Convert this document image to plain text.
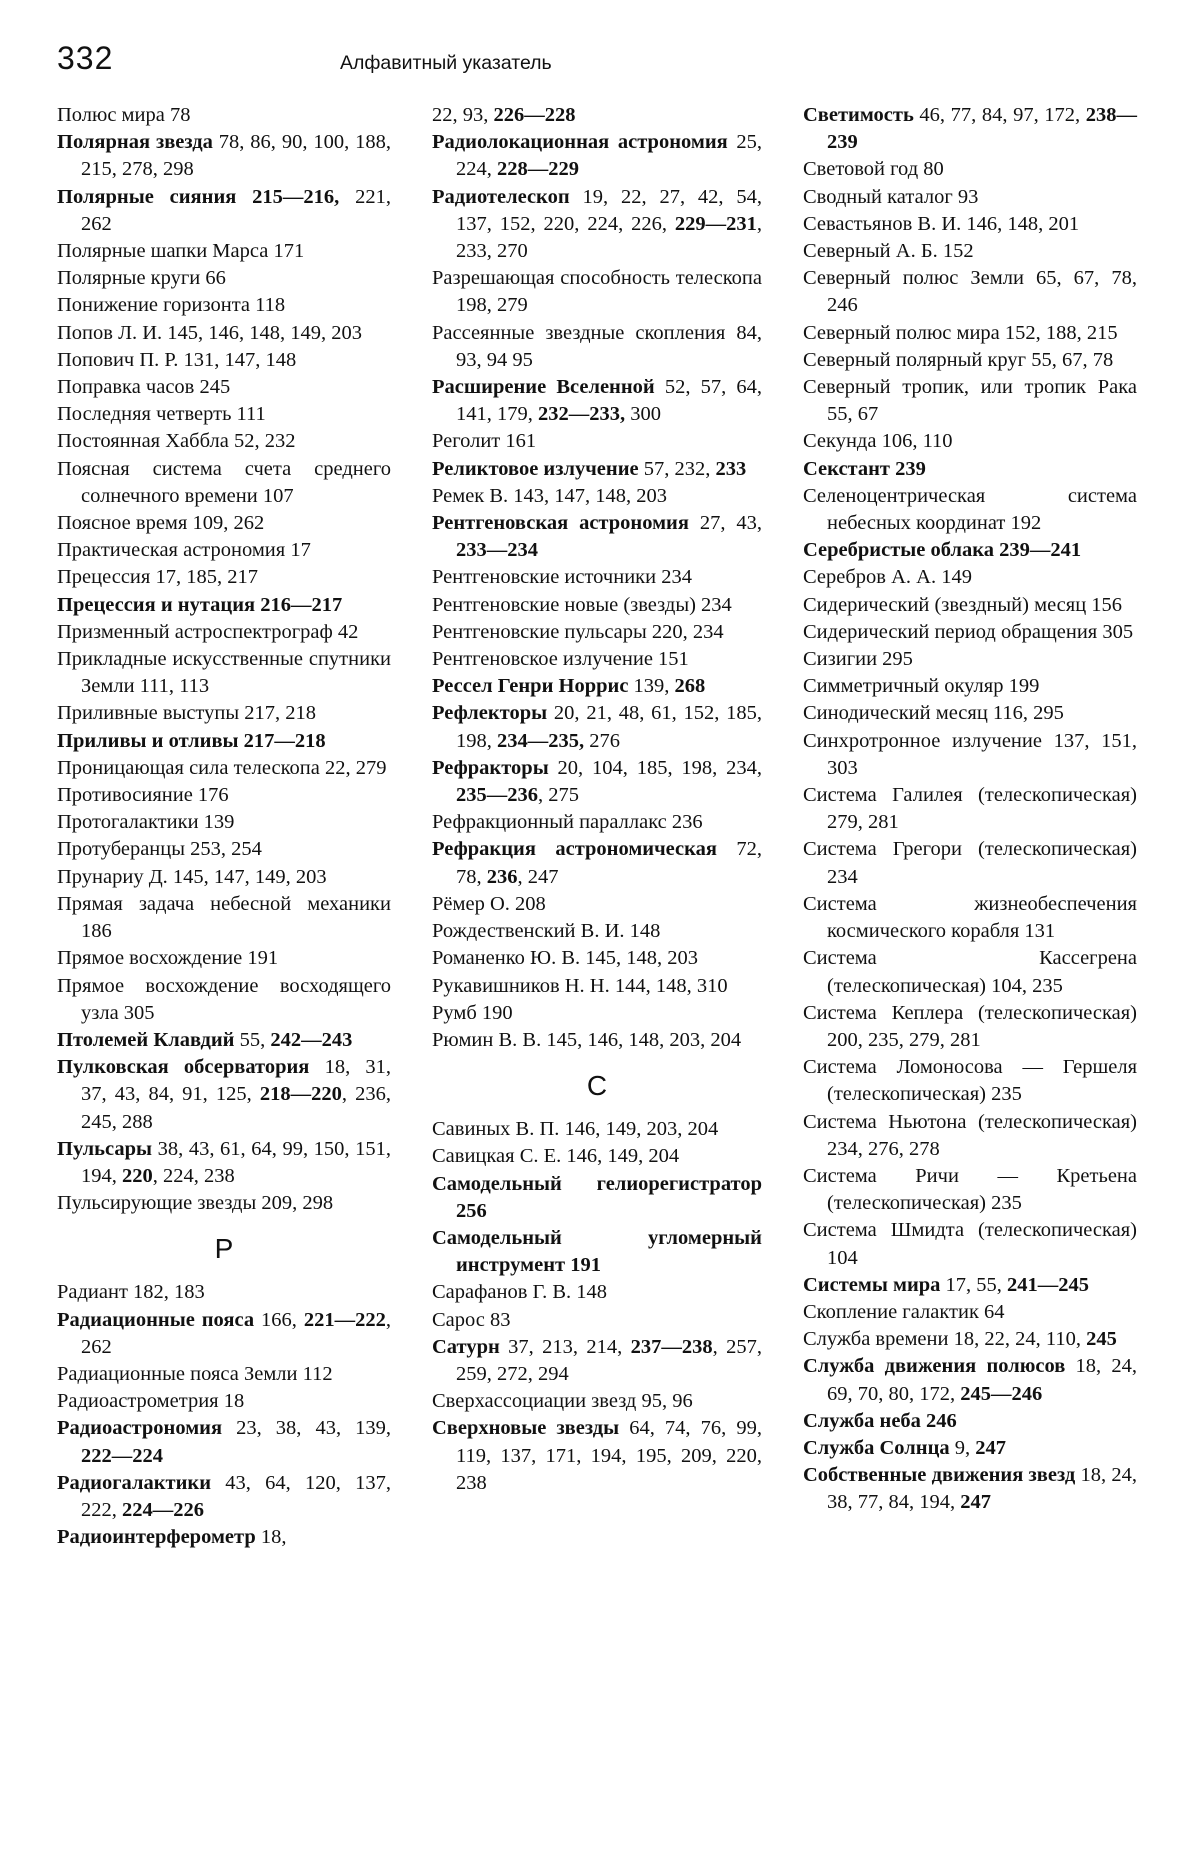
332	Алфавитный указатель
Полюс мира 78
Полярная звезда 78, 86, 90, 100, 188, 215, 278, 298
Полярные сияния 215—216, 221, 262
Полярные шапки Марса 171
Полярные круги 66
Понижение горизонта 118
Попов Л. И. 145, 146, 148, 149, 203
Попович П. Р. 131, 147, 148
Поправка часов 245
Последняя четверть 111
Постоянная Хаббла 52, 232
Поясная система счета среднего солнечного времени 107
Поясное время 109, 262
Практическая астрономия 17
Прецессия 17, 185, 217
Прецессия и нутация 216—217
Призменный астроспектрограф 42
Прикладные искусственные спутники Земли 111, 113
Приливные выступы 217, 218
Приливы и отливы 217—218
Проницающая сила телескопа 22, 279
Противосияние 176
Протогалактики 139
Протуберанцы 253, 254
Прунариу Д. 145, 147, 149, 203
Прямая задача небесной механики 186
Прямое восхождение 191
Прямое восхождение восходящего узла 305
Птолемей Клавдий 55, 242—243
Пулковская обсерватория 18, 31, 37, 43, 84, 91, 125, 218—220, 236, 245, 288
Пульсары 38, 43, 61, 64, 99, 150, 151, 194, 220, 224, 238
Пульсирующие звезды 209, 298
Р
Радиант 182, 183
Радиационные пояса 166, 221—222, 262
Радиационные пояса Земли 112
Радиоастрометрия 18
Радиоастрономия 23, 38, 43, 139, 222—224
Радиогалактики 43, 64, 120, 137, 222, 224—226
Радиоинтерферометр 18,
22, 93, 226—228
Радиолокационная астрономия 25, 224, 228—229
Радиотелескоп 19, 22, 27, 42, 54, 137, 152, 220, 224, 226, 229—231, 233, 270
Разрешающая способность телескопа 198, 279
Рассеянные звездные скопления 84, 93, 94 95
Расширение Вселенной 52, 57, 64, 141, 179, 232—233, 300
Реголит 161
Реликтовое излучение 57, 232, 233
Ремек В. 143, 147, 148, 203
Рентгеновская астрономия 27, 43, 233—234
Рентгеновские источники 234
Рентгеновские новые (звезды) 234
Рентгеновские пульсары 220, 234
Рентгеновское излучение 151
Рессел Генри Норрис 139, 268
Рефлекторы 20, 21, 48, 61, 152, 185, 198, 234—235, 276
Рефракторы 20, 104, 185, 198, 234, 235—236, 275
Рефракционный параллакс 236
Рефракция астрономическая 72, 78, 236, 247
Рёмер О. 208
Рождественский В. И. 148
Романенко Ю. В. 145, 148, 203
Рукавишников Н. Н. 144, 148, 310
Румб 190
Рюмин В. В. 145, 146, 148, 203, 204
С
Савиных В. П. 146, 149, 203, 204
Савицкая С. Е. 146, 149, 204
Самодельный гелиорегистратор 256
Самодельный угломерный инструмент 191
Сарафанов Г. В. 148
Сарос 83
Сатурн 37, 213, 214, 237—238, 257, 259, 272, 294
Сверхассоциации звезд 95, 96
Сверхновые звезды 64, 74, 76, 99, 119, 137, 171, 194, 195, 209, 220, 238
Светимость 46, 77, 84, 97, 172, 238—239
Световой год 80
Сводный каталог 93
Севастьянов В. И. 146, 148, 201
Северный А. Б. 152
Северный полюс Земли 65, 67, 78, 246
Северный полюс мира 152, 188, 215
Северный полярный круг 55, 67, 78
Северный тропик, или тропик Рака 55, 67
Секунда 106, 110
Секстант 239
Селеноцентрическая система небесных координат 192
Серебристые облака 239—241
Серебров А. А. 149
Сидерический (звездный) месяц 156
Сидерический период обращения 305
Сизигии 295
Симметричный окуляр 199
Синодический месяц 116, 295
Синхротронное излучение 137, 151, 303
Система Галилея (телескопическая) 279, 281
Система Грегори (телескопическая) 234
Система жизнеобеспечения космического корабля 131
Система Кассегрена (телескопическая) 104, 235
Система Кеплера (телескопическая) 200, 235, 279, 281
Система Ломоносова — Гершеля (телескопическая) 235
Система Ньютона (телескопическая) 234, 276, 278
Система Ричи — Кретьена (телескопическая) 235
Система Шмидта (телескопическая) 104
Системы мира 17, 55, 241—245
Скопление галактик 64
Служба времени 18, 22, 24, 110, 245
Служба движения полюсов 18, 24, 69, 70, 80, 172, 245—246
Служба неба 246
Служба Солнца 9, 247
Собственные движения звезд 18, 24, 38, 77, 84, 194, 247
